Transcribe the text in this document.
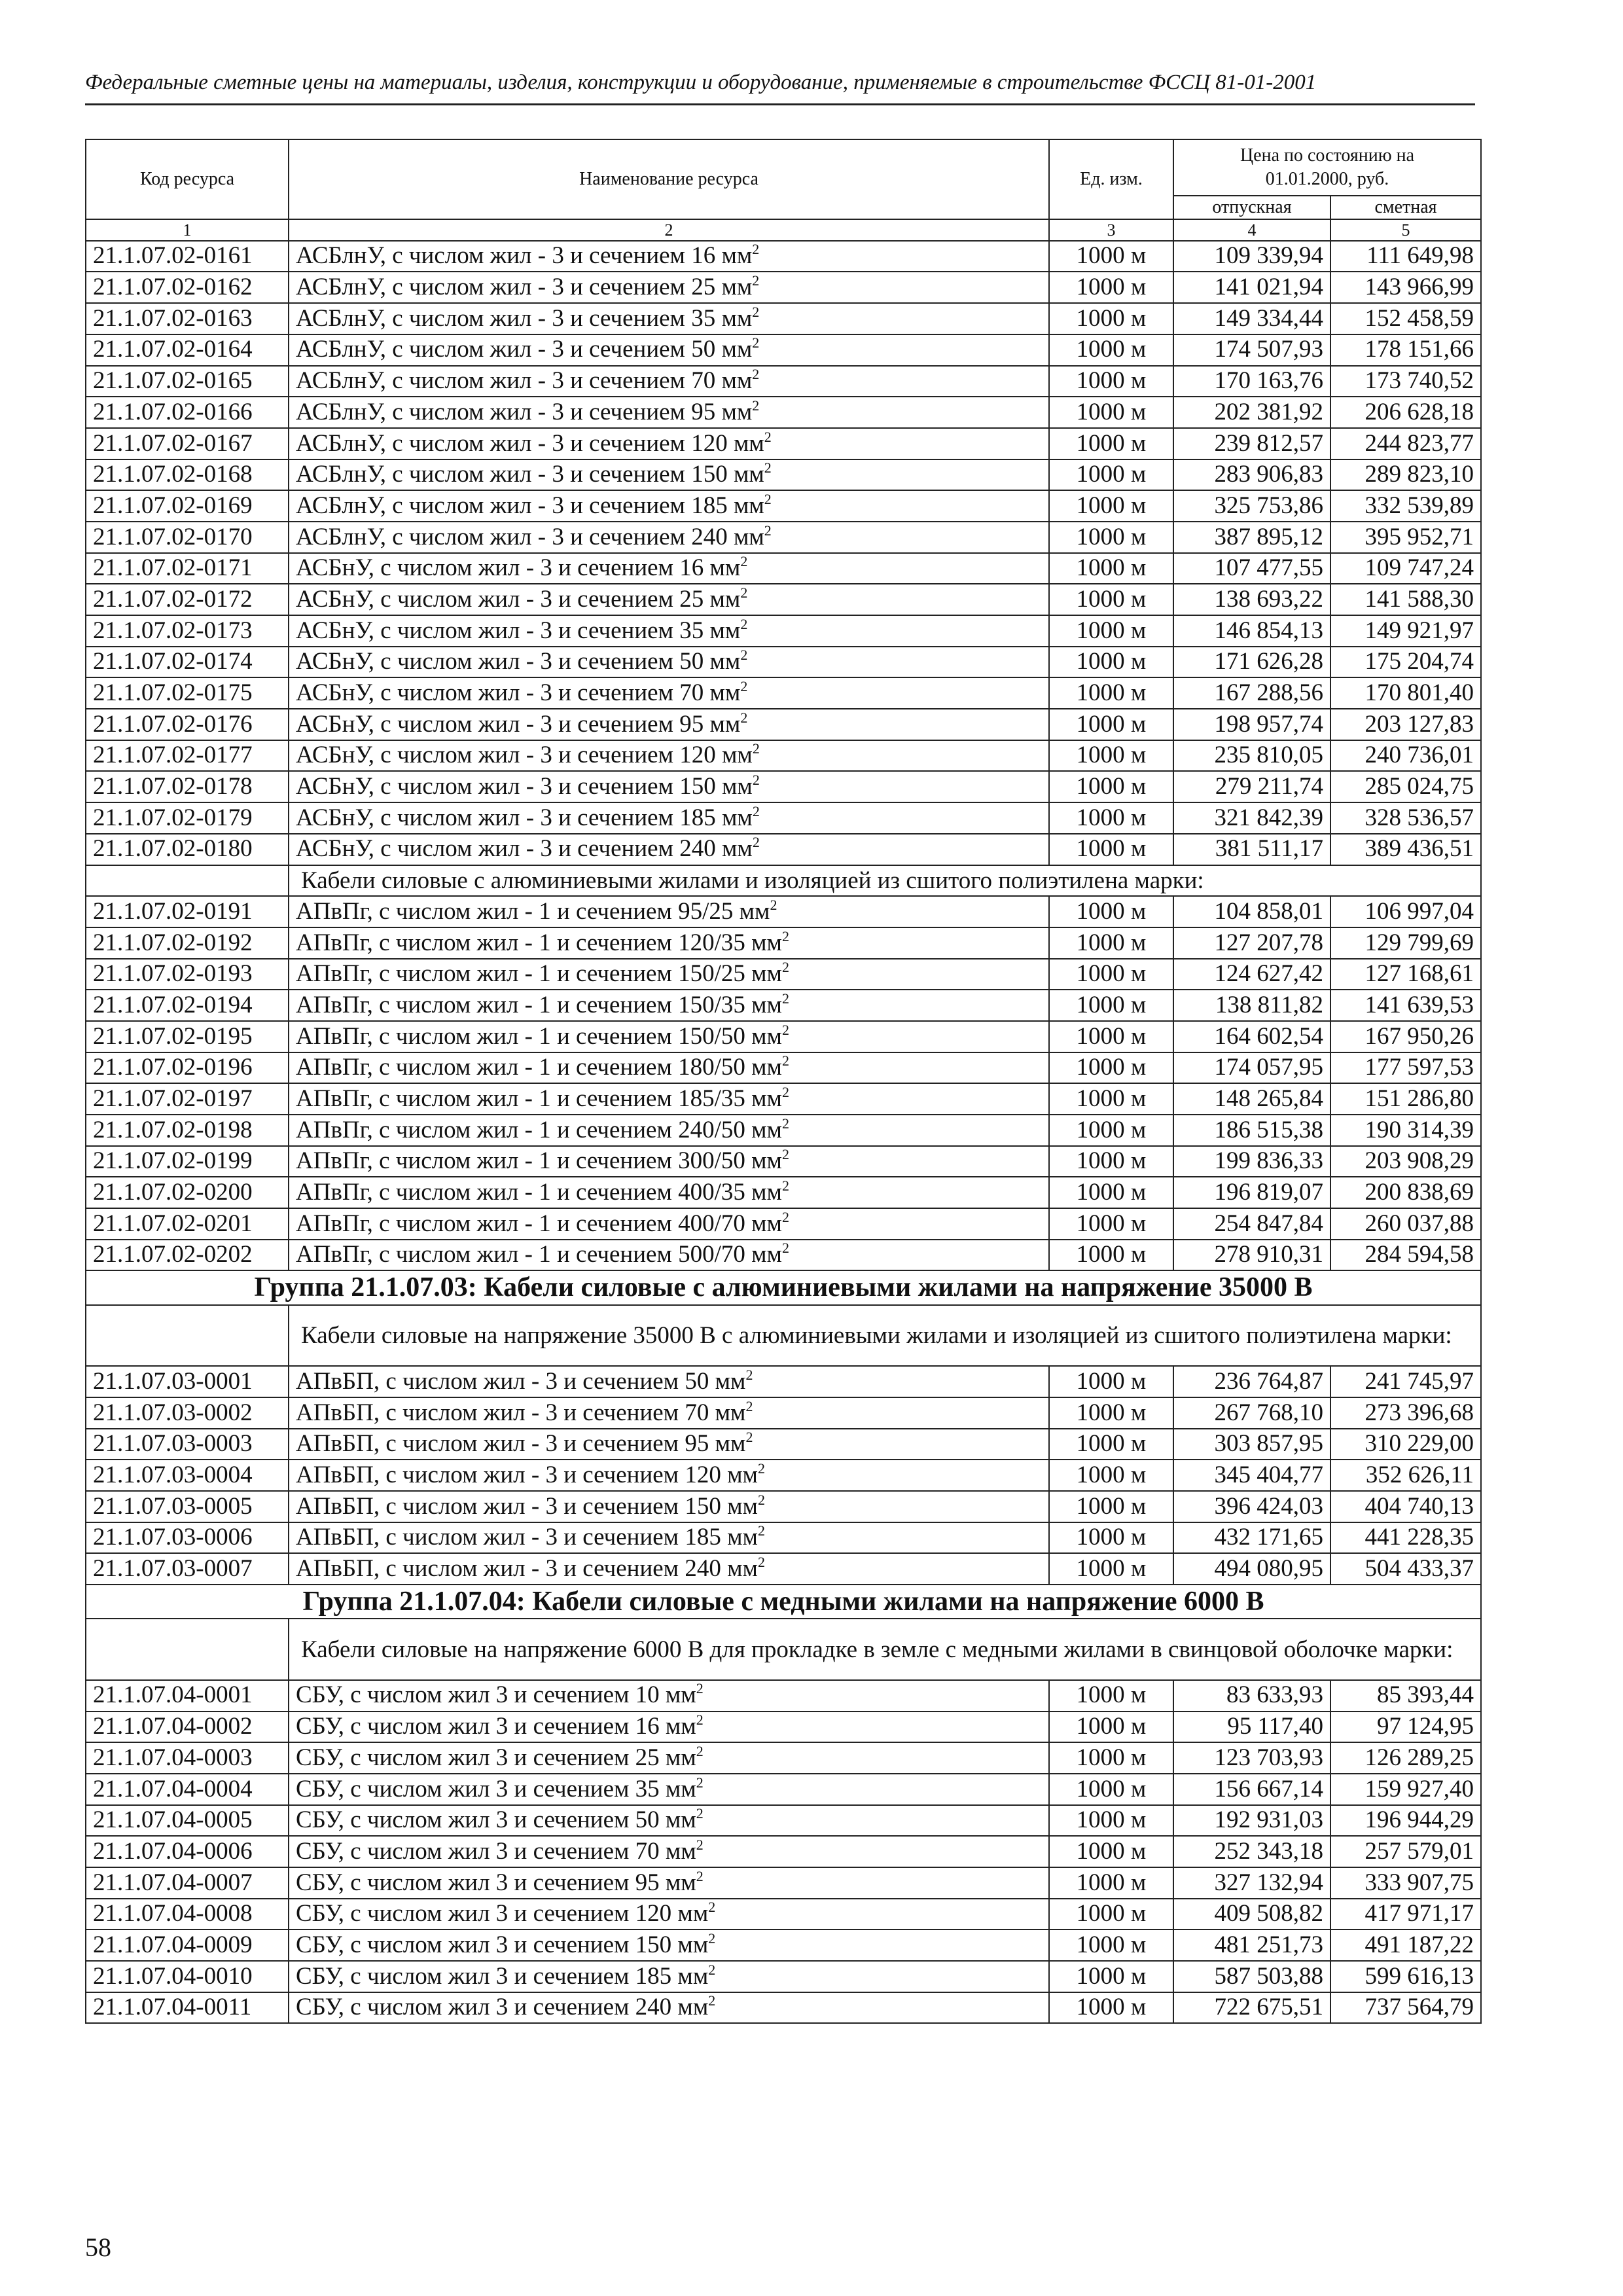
Федеральные сметные цены на материалы, изделия, конструкции и оборудование, применяемые в строительстве ФССЦ 81-01-2001
Код ресурса	Наименование ресурса	Ед. изм.	Цена по состоянию на 01.01.2000, руб.	

			отпускная	сметная
1	2	3	4	5
21.1.07.02-0161	АСБлнУ, с числом жил - 3 и сечением 16 $мм^2$	1000 м	109 339,94	111 649,98
21.1.07.02-0162	АСБлнУ, с числом жил - 3 и сечением 25 $мм^2$	1000 м	141 021,94	143 966,99
21.1.07.02-0163	АСБлнУ, с числом жил - 3 и сечением 35 $мм^2$	1000 м	149 334,44	152 458,59
21.1.07.02-0164	АСБлнУ, с числом жил - 3 и сечением 50 $мм^2$	1000 м	174 507,93	178 151,66
21.1.07.02-0165	АСБлнУ, с числом жил - 3 и сечением 70 $мм^2$	1000 м	170 163,76	173 740,52
21.1.07.02-0166	АСБлнУ, с числом жил - 3 и сечением 95 $мм^2$	1000 м	202 381,92	206 628,18
21.1.07.02-0167	АСБлнУ, с числом жил - 3 и сечением 120 $мм^2$	1000 м	239 812,57	244 823,77
21.1.07.02-0168	АСБлнУ, с числом жил - 3 и сечением 150 $мм^2$	1000 м	283 906,83	289 823,10
21.1.07.02-0169	АСБлнУ, с числом жил - 3 и сечением 185 $мм^2$	1000 м	325 753,86	332 539,89
21.1.07.02-0170	АСБлнУ, с числом жил - 3 и сечением 240 $мм^2$	1000 м	387 895,12	395 952,71
21.1.07.02-0171	АСБнУ, с числом жил - 3 и сечением 16 $мм^2$	1000 м	107 477,55	109 747,24
21.1.07.02-0172	АСБнУ, с числом жил - 3 и сечением 25 $мм^2$	1000 м	138 693,22	141 588,30
21.1.07.02-0173	АСБнУ, с числом жил - 3 и сечением 35 $мм^2$	1000 м	146 854,13	149 921,97
21.1.07.02-0174	АСБнУ, с числом жил - 3 и сечением 50 $мм^2$	1000 м	171 626,28	175 204,74
21.1.07.02-0175	АСБнУ, с числом жил - 3 и сечением 70 $мм^2$	1000 м	167 288,56	170 801,40
21.1.07.02-0176	АСБнУ, с числом жил - 3 и сечением 95 $мм^2$	1000 м	198 957,74	203 127,83
21.1.07.02-0177	АСБнУ, с числом жил - 3 и сечением 120 $мм^2$	1000 м	235 810,05	240 736,01
21.1.07.02-0178	АСБнУ, с числом жил - 3 и сечением 150 $мм^2$	1000 м	279 211,74	285 024,75
21.1.07.02-0179	АСБнУ, с числом жил - 3 и сечением 185 $мм^2$	1000 м	321 842,39	328 536,57
21.1.07.02-0180	АСБнУ, с числом жил - 3 и сечением 240 $мм^2$	1000 м	381 511,17	389 436,51
	Кабели силовые с алюминиевыми жилами и изоляцией из сшитого полиэтилена марки:			
21.1.07.02-0191	АПвПг, с числом жил - 1 и сечением 95/25 $мм^2$	1000 м	104 858,01	106 997,04
21.1.07.02-0192	АПвПг, с числом жил - 1 и сечением 120/35 $мм^2$	1000 м	127 207,78	129 799,69
21.1.07.02-0193	АПвПг, с числом жил - 1 и сечением 150/25 $мм^2$	1000 м	124 627,42	127 168,61
21.1.07.02-0194	АПвПг, с числом жил - 1 и сечением 150/35 $мм^2$	1000 м	138 811,82	141 639,53
21.1.07.02-0195	АПвПг, с числом жил - 1 и сечением 150/50 $мм^2$	1000 м	164 602,54	167 950,26
21.1.07.02-0196	АПвПг, с числом жил - 1 и сечением 180/50 $мм^2$	1000 м	174 057,95	177 597,53
21.1.07.02-0197	АПвПг, с числом жил - 1 и сечением 185/35 $мм^2$	1000 м	148 265,84	151 286,80
21.1.07.02-0198	АПвПг, с числом жил - 1 и сечением 240/50 $мм^2$	1000 м	186 515,38	190 314,39
21.1.07.02-0199	АПвПг, с числом жил - 1 и сечением 300/50 $мм^2$	1000 м	199 836,33	203 908,29
21.1.07.02-0200	АПвПг, с числом жил - 1 и сечением 400/35 $мм^2$	1000 м	196 819,07	200 838,69
21.1.07.02-0201	АПвПг, с числом жил - 1 и сечением 400/70 $мм^2$	1000 м	254 847,84	260 037,88
21.1.07.02-0202	АПвПг, с числом жил - 1 и сечением 500/70 $мм^2$	1000 м	278 910,31	284 594,58
Группа 21.1.07.03: Кабели силовые с алюминиевыми жилами на напряжение 35000 В				
	Кабели силовые на напряжение 35000 В с алюминиевыми жилами и изоляцией из сшитого полиэтилена марки:			
21.1.07.03-0001	АПвБП, с числом жил - 3 и сечением 50 $мм^2$	1000 м	236 764,87	241 745,97
21.1.07.03-0002	АПвБП, с числом жил - 3 и сечением 70 $мм^2$	1000 м	267 768,10	273 396,68
21.1.07.03-0003	АПвБП, с числом жил - 3 и сечением 95 $мм^2$	1000 м	303 857,95	310 229,00
21.1.07.03-0004	АПвБП, с числом жил - 3 и сечением 120 $мм^2$	1000 м	345 404,77	352 626,11
21.1.07.03-0005	АПвБП, с числом жил - 3 и сечением 150 $мм^2$	1000 м	396 424,03	404 740,13
21.1.07.03-0006	АПвБП, с числом жил - 3 и сечением 185 $мм^2$	1000 м	432 171,65	441 228,35
21.1.07.03-0007	АПвБП, с числом жил - 3 и сечением 240 $мм^2$	1000 м	494 080,95	504 433,37
Группа 21.1.07.04: Кабели силовые с медными жилами на напряжение 6000 В				
	Кабели силовые на напряжение 6000 В для прокладке в земле с медными жилами в свинцовой оболочке марки:			
21.1.07.04-0001	СБУ, с числом жил 3 и сечением 10 $мм^2$	1000 м	83 633,93	85 393,44
21.1.07.04-0002	СБУ, с числом жил 3 и сечением 16 $мм^2$	1000 м	95 117,40	97 124,95
21.1.07.04-0003	СБУ, с числом жил 3 и сечением 25 $мм^2$	1000 м	123 703,93	126 289,25
21.1.07.04-0004	СБУ, с числом жил 3 и сечением 35 $мм^2$	1000 м	156 667,14	159 927,40
21.1.07.04-0005	СБУ, с числом жил 3 и сечением 50 $мм^2$	1000 м	192 931,03	196 944,29
21.1.07.04-0006	СБУ, с числом жил 3 и сечением 70 $мм^2$	1000 м	252 343,18	257 579,01
21.1.07.04-0007	СБУ, с числом жил 3 и сечением 95 $мм^2$	1000 м	327 132,94	333 907,75
21.1.07.04-0008	СБУ, с числом жил 3 и сечением 120 $мм^2$	1000 м	409 508,82	417 971,17
21.1.07.04-0009	СБУ, с числом жил 3 и сечением 150 $мм^2$	1000 м	481 251,73	491 187,22
21.1.07.04-0010	СБУ, с числом жил 3 и сечением 185 $мм^2$	1000 м	587 503,88	599 616,13
21.1.07.04-0011	СБУ, с числом жил 3 и сечением 240 $мм^2$	1000 м	722 675,51	737 564,79
58
